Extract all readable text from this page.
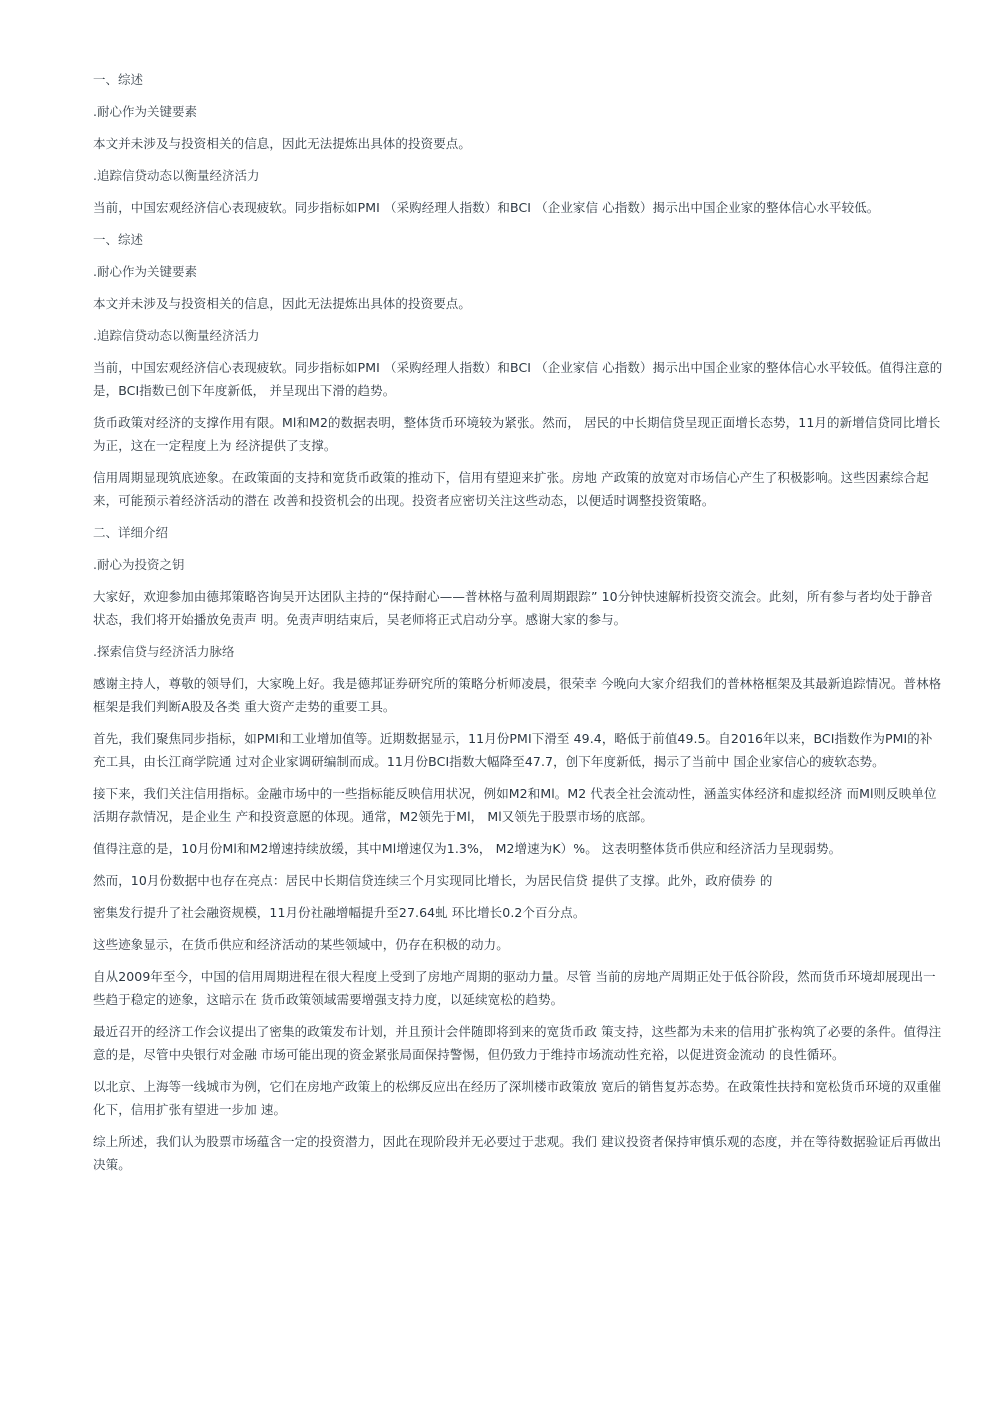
一、综述

.耐心作为关键要素

本文并未涉及与投资相关的信息，因此无法提炼出具体的投资要点。

.追踪信贷动态以衡量经济活力

当前，中国宏观经济信心表现疲软。同步指标如PMI （采购经理人指数）和BCI （企业家信 心指数）揭示出中国企业家的整体信心水平较低。

一、综述

.耐心作为关键要素

本文并未涉及与投资相关的信息，因此无法提炼出具体的投资要点。

.追踪信贷动态以衡量经济活力

当前，中国宏观经济信心表现疲软。同步指标如PMI （采购经理人指数）和BCI （企业家信 心指数）揭示出中国企业家的整体信心水平较低。值得注意的是，BCI指数已创下年度新低， 并呈现出下滑的趋势。

货币政策对经济的支撑作用有限。Ml和M2的数据表明，整体货币环境较为紧张。然而， 居民的中长期信贷呈现正面增长态势，11月的新增信贷同比增长为正，这在一定程度上为 经济提供了支撑。

信用周期显现筑底迹象。在政策面的支持和宽货币政策的推动下，信用有望迎来扩张。房地 产政策的放宽对市场信心产生了积极影响。这些因素综合起来，可能预示着经济活动的潜在 改善和投资机会的出现。投资者应密切关注这些动态，以便适时调整投资策略。

二、详细介绍

.耐心为投资之钥

大家好，欢迎参加由德邦策略咨询吴开达团队主持的“保持耐心——普林格与盈利周期跟踪” 10分钟快速解析投资交流会。此刻，所有参与者均处于静音状态，我们将开始播放免责声 明。免责声明结束后，吴老师将正式启动分享。感谢大家的参与。

.探索信贷与经济活力脉络

感谢主持人，尊敬的领导们，大家晚上好。我是德邦证券研究所的策略分析师凌晨，很荣幸 今晚向大家介绍我们的普林格框架及其最新追踪情况。普林格框架是我们判断A股及各类 重大资产走势的重要工具。

首先，我们聚焦同步指标，如PMI和工业增加值等。近期数据显示，11月份PMI下滑至 49.4，略低于前值49.5。自2016年以来，BCI指数作为PMI的补充工具，由长江商学院通 过对企业家调研编制而成。11月份BCI指数大幅降至47.7，创下年度新低，揭示了当前中 国企业家信心的疲软态势。

接下来，我们关注信用指标。金融市场中的一些指标能反映信用状况，例如M2和Ml。M2 代表全社会流动性，涵盖实体经济和虚拟经济 而Ml则反映单位活期存款情况，是企业生 产和投资意愿的体现。通常，M2领先于Ml， Ml又领先于股票市场的底部。

值得注意的是，10月份Ml和M2增速持续放缓，其中Ml增速仅为1.3%， M2增速为K）%。 这表明整体货币供应和经济活力呈现弱势。

然而，10月份数据中也存在亮点：居民中长期信贷连续三个月实现同比增长，为居民信贷 提供了支撑。此外，政府债券 的

密集发行提升了社会融资规模，11月份社融增幅提升至27.64虬 环比增长0.2个百分点。

这些迹象显示，在货币供应和经济活动的某些领域中，仍存在积极的动力。

自从2009年至今，中国的信用周期进程在很大程度上受到了房地产周期的驱动力量。尽管 当前的房地产周期正处于低谷阶段，然而货币环境却展现出一些趋于稳定的迹象，这暗示在 货币政策领域需要增强支持力度，以延续宽松的趋势。

最近召开的经济工作会议提出了密集的政策发布计划，并且预计会伴随即将到来的宽货币政 策支持，这些都为未来的信用扩张构筑了必要的条件。值得注意的是，尽管中央银行对金融 市场可能出现的资金紧张局面保持警惕，但仍致力于维持市场流动性充裕，以促进资金流动 的良性循环。

以北京、上海等一线城市为例，它们在房地产政策上的松绑反应出在经历了深圳楼市政策放 宽后的销售复苏态势。在政策性扶持和宽松货币环境的双重催化下，信用扩张有望进一步加 速。

综上所述，我们认为股票市场蕴含一定的投资潜力，因此在现阶段并无必要过于悲观。我们 建议投资者保持审慎乐观的态度，并在等待数据验证后再做出决策。
